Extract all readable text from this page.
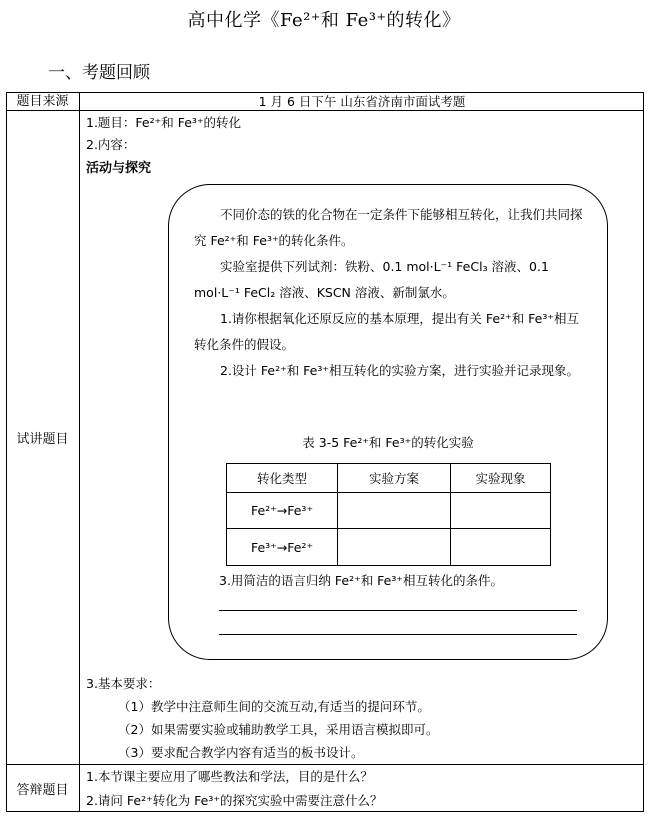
高中化学《Fe²⁺和 Fe³⁺的转化》
一、考题回顾
题目来源	1 月 6 日下午 山东省济南市面试考题
试讲题目
1.题目：Fe²⁺和 Fe³⁺的转化
2.内容：
活动与探究
不同价态的铁的化合物在一定条件下能够相互转化，让我们共同探究 Fe²⁺和 Fe³⁺的转化条件。
实验室提供下列试剂：铁粉、0.1 mol·L⁻¹ FeCl₃ 溶液、0.1 mol·L⁻¹ FeCl₂ 溶液、KSCN 溶液、新制氯水。
1.请你根据氧化还原反应的基本原理，提出有关 Fe²⁺和 Fe³⁺相互转化条件的假设。
2.设计 Fe²⁺和 Fe³⁺相互转化的实验方案，进行实验并记录现象。
表 3-5 Fe²⁺和 Fe³⁺的转化实验
转化类型	实验方案	实验现象
Fe²⁺→Fe³⁺		
Fe³⁺→Fe²⁺		
3.用简洁的语言归纳 Fe²⁺和 Fe³⁺相互转化的条件。
3.基本要求：
（1）教学中注意师生间的交流互动,有适当的提问环节。
（2）如果需要实验或辅助教学工具，采用语言模拟即可。
（3）要求配合教学内容有适当的板书设计。
答辩题目
1.本节课主要应用了哪些教法和学法，目的是什么？
2.请问 Fe²⁺转化为 Fe³⁺的探究实验中需要注意什么？
